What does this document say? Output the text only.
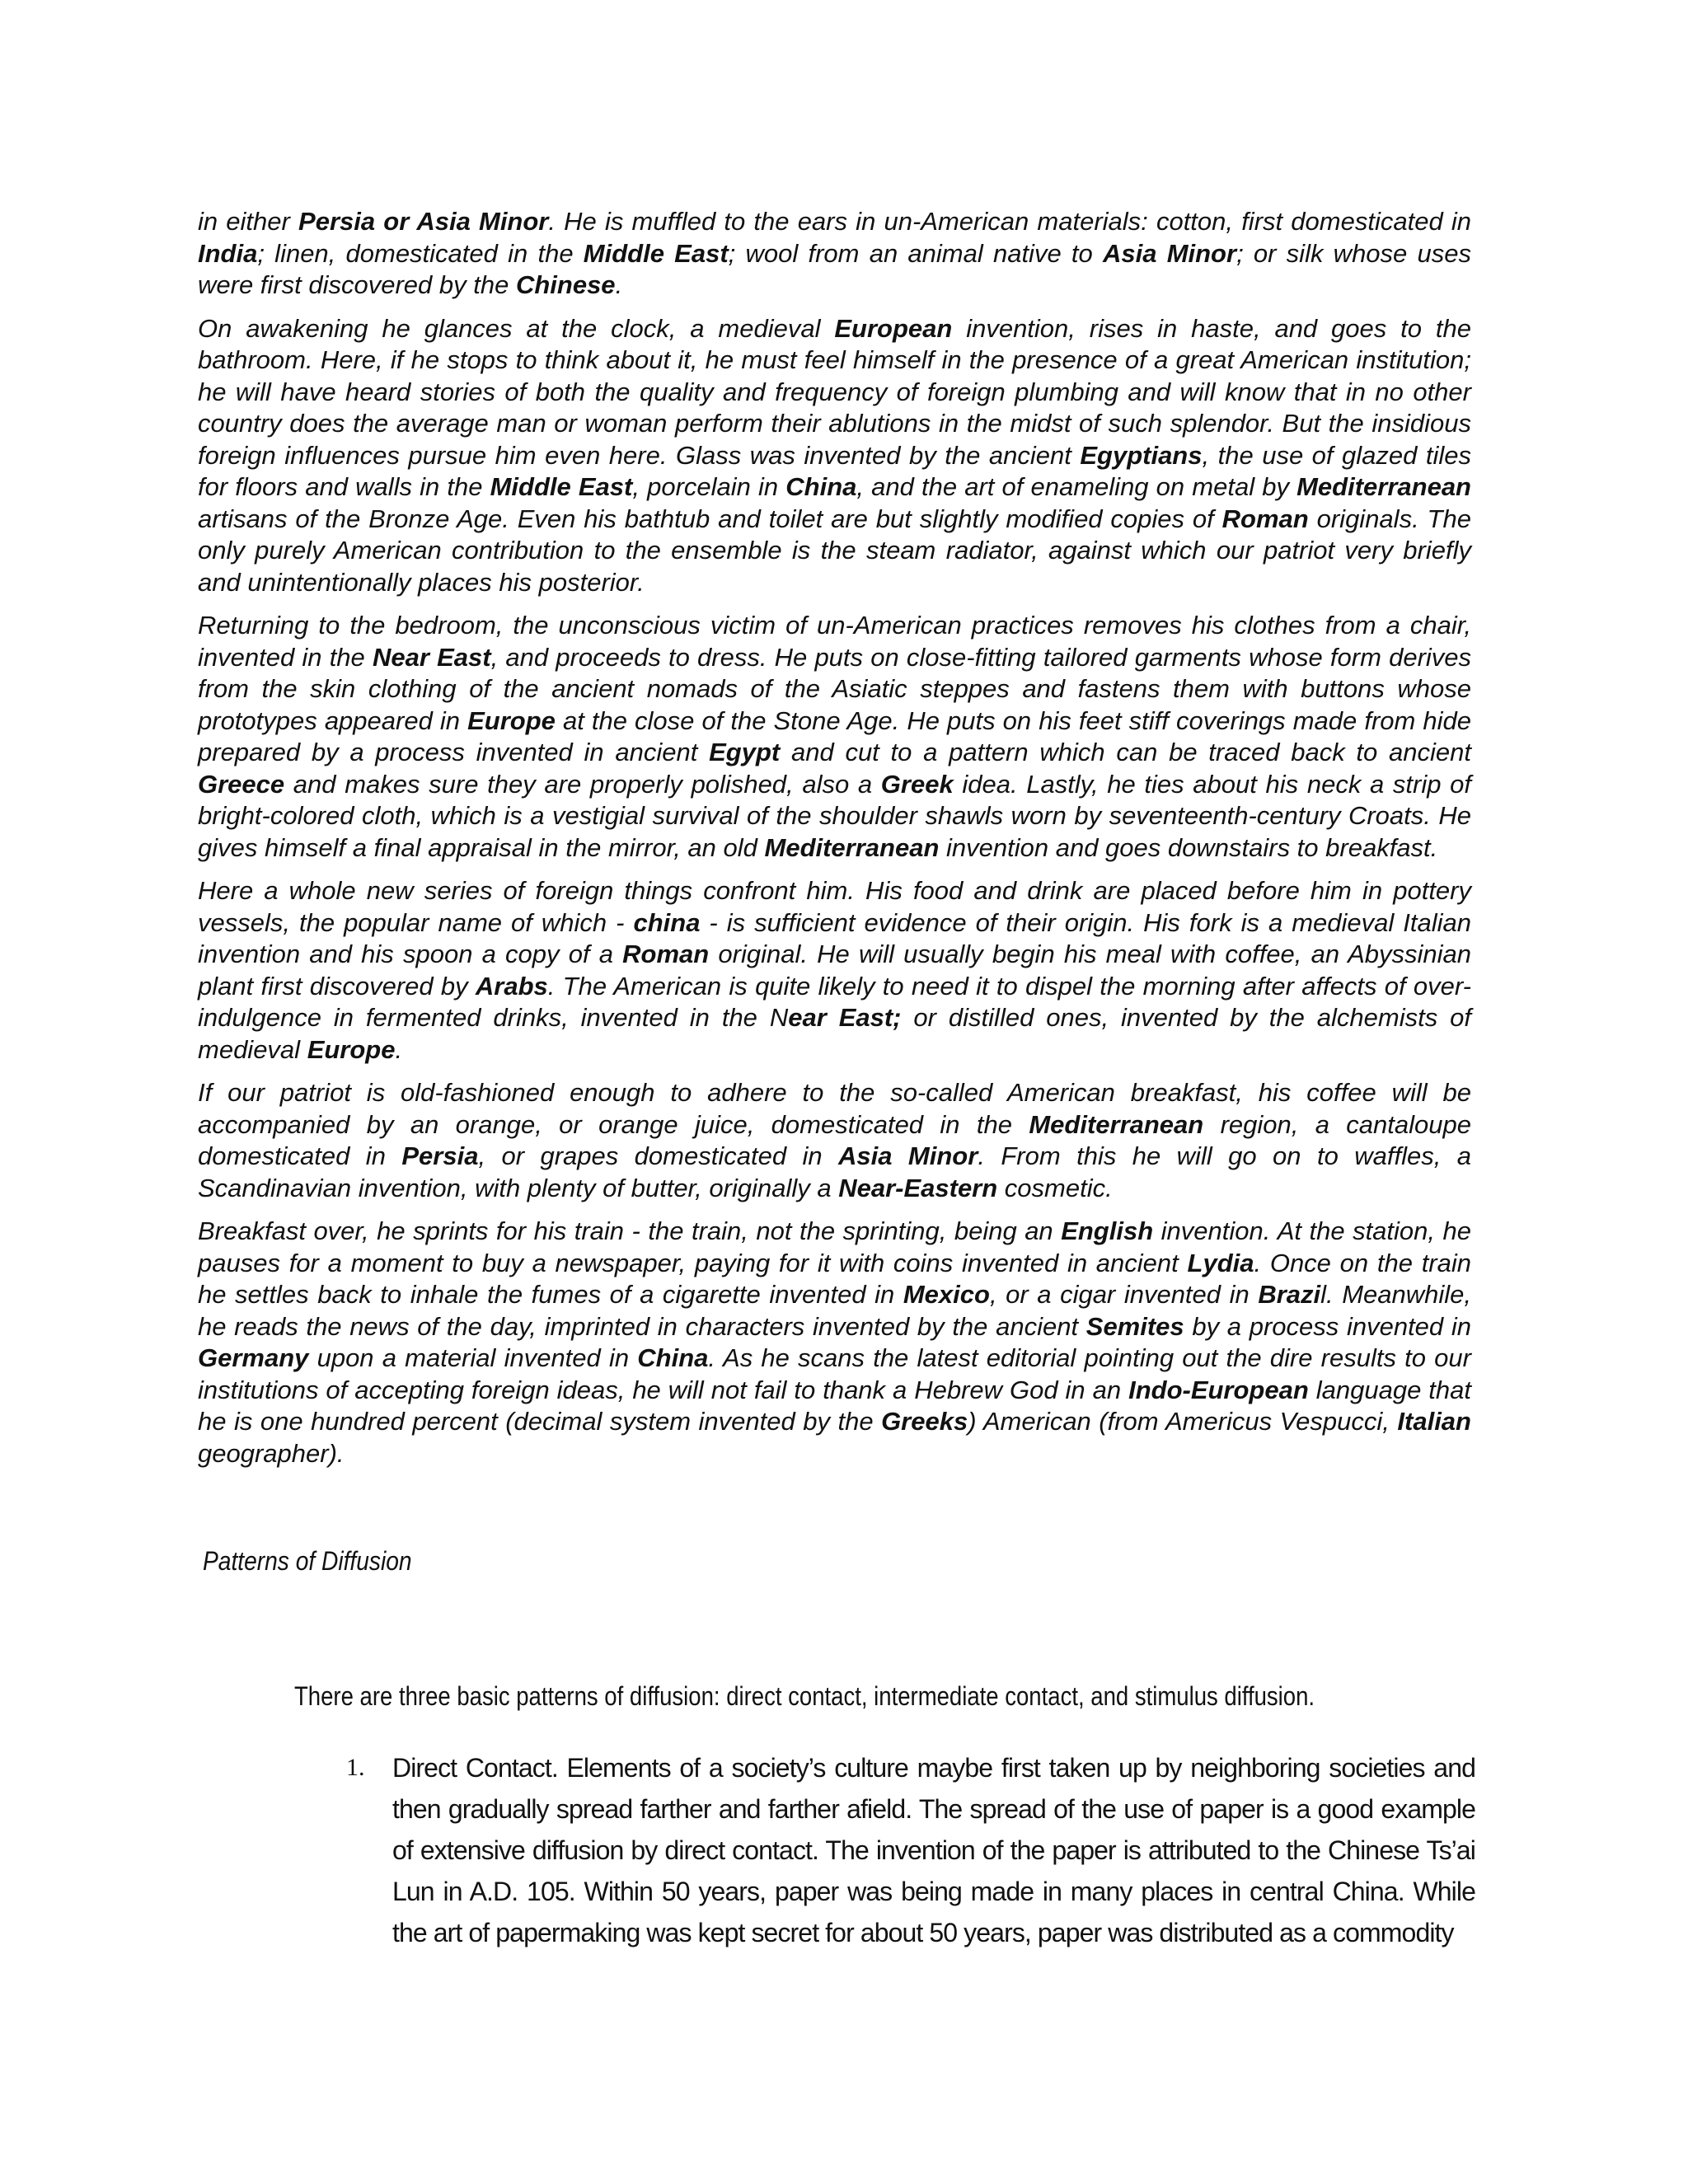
in either Persia or Asia Minor. He is muffled to the ears in un-American materials: cotton, first domesticated in India; linen, domesticated in the Middle East; wool from an animal native to Asia Minor; or silk whose uses were first discovered by the Chinese.

On awakening he glances at the clock, a medieval European invention, rises in haste, and goes to the bathroom. Here, if he stops to think about it, he must feel himself in the presence of a great American institution; he will have heard stories of both the quality and frequency of foreign plumbing and will know that in no other country does the average man or woman perform their ablutions in the midst of such splendor. But the insidious foreign influences pursue him even here. Glass was invented by the ancient Egyptians, the use of glazed tiles for floors and walls in the Middle East, porcelain in China, and the art of enameling on metal by Mediterranean artisans of the Bronze Age. Even his bathtub and toilet are but slightly modified copies of Roman originals. The only purely American contribution to the ensemble is the steam radiator, against which our patriot very briefly and unintentionally places his posterior.

Returning to the bedroom, the unconscious victim of un-American practices removes his clothes from a chair, invented in the Near East, and proceeds to dress. He puts on close-fitting tailored garments whose form derives from the skin clothing of the ancient nomads of the Asiatic steppes and fastens them with buttons whose prototypes appeared in Europe at the close of the Stone Age. He puts on his feet stiff coverings made from hide prepared by a process invented in ancient Egypt and cut to a pattern which can be traced back to ancient Greece and makes sure they are properly polished, also a Greek idea. Lastly, he ties about his neck a strip of bright-colored cloth, which is a vestigial survival of the shoulder shawls worn by seventeenth-century Croats. He gives himself a final appraisal in the mirror, an old Mediterranean invention and goes downstairs to breakfast.

Here a whole new series of foreign things confront him. His food and drink are placed before him in pottery vessels, the popular name of which - china - is sufficient evidence of their origin. His fork is a medieval Italian invention and his spoon a copy of a Roman original. He will usually begin his meal with coffee, an Abyssinian plant first discovered by Arabs. The American is quite likely to need it to dispel the morning after affects of over-indulgence in fermented drinks, invented in the Near East; or distilled ones, invented by the alchemists of medieval Europe.

If our patriot is old-fashioned enough to adhere to the so-called American breakfast, his coffee will be accompanied by an orange, or orange juice, domesticated in the Mediterranean region, a cantaloupe domesticated in Persia, or grapes domesticated in Asia Minor. From this he will go on to waffles, a Scandinavian invention, with plenty of butter, originally a Near-Eastern cosmetic.

Breakfast over, he sprints for his train - the train, not the sprinting, being an English invention. At the station, he pauses for a moment to buy a newspaper, paying for it with coins invented in ancient Lydia. Once on the train he settles back to inhale the fumes of a cigarette invented in Mexico, or a cigar invented in Brazil. Meanwhile, he reads the news of the day, imprinted in characters invented by the ancient Semites by a process invented in Germany upon a material invented in China. As he scans the latest editorial pointing out the dire results to our institutions of accepting foreign ideas, he will not fail to thank a Hebrew God in an Indo-European language that he is one hundred percent (decimal system invented by the Greeks) American (from Americus Vespucci, Italian geographer).

Patterns of Diffusion
There are three basic patterns of diffusion: direct contact, intermediate contact, and stimulus diffusion.
1.	Direct Contact. Elements of a society’s culture maybe first taken up by neighboring societies and then gradually spread farther and farther afield. The spread of the use of paper is a good example of extensive diffusion by direct contact. The invention of the paper is attributed to the Chinese Ts’ai Lun in A.D. 105. Within 50 years, paper was being made in many places in central China. While the art of papermaking was kept secret for about 50 years, paper was distributed as a commodity
